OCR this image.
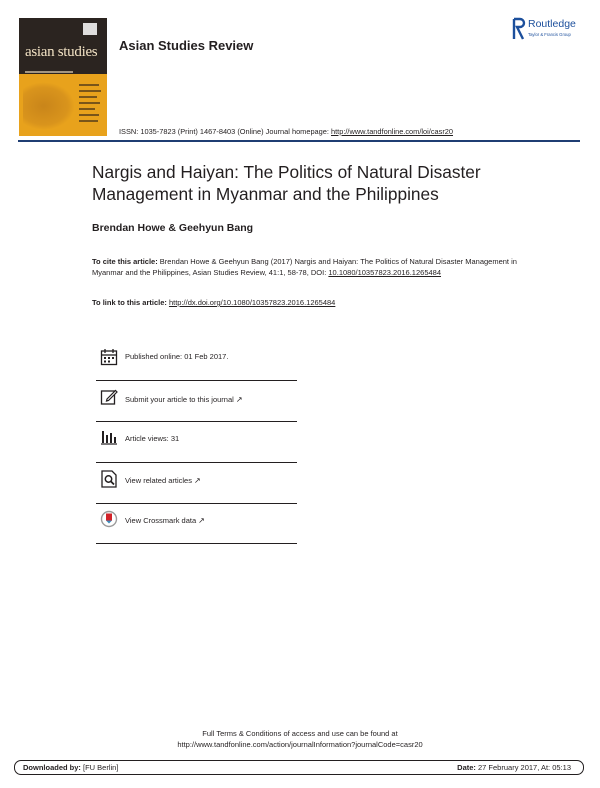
asian studies Asian Studies Review
ISSN: 1035-7823 (Print) 1467-8403 (Online) Journal homepage: http://www.tandfonline.com/loi/casr20
Routledge
Taylor & Francis Group
Nargis and Haiyan: The Politics of Natural Disaster
Management in Myanmar and the Philippines
Brendan Howe & Geehyun Bang
To cite this article: Brendan Howe & Geehyun Bang (2017) Nargis and Haiyan: The Politics of Natural Disaster Management in Myanmar and the Philippines, Asian Studies Review, 41:1, 58-78, DOI: 10.1080/10357823.2016.1265484
To link to this article: http://dx.doi.org/10.1080/10357823.2016.1265484
Published online: 01 Feb 2017.
Submit your article to this journal ↗
Article views: 31
View related articles ↗
View Crossmark data ↗
Full Terms & Conditions of access and use can be found at
http://www.tandfonline.com/action/journalInformation?journalCode=casr20
Downloaded by: [FU Berlin]	Date: 27 February 2017, At: 05:13
